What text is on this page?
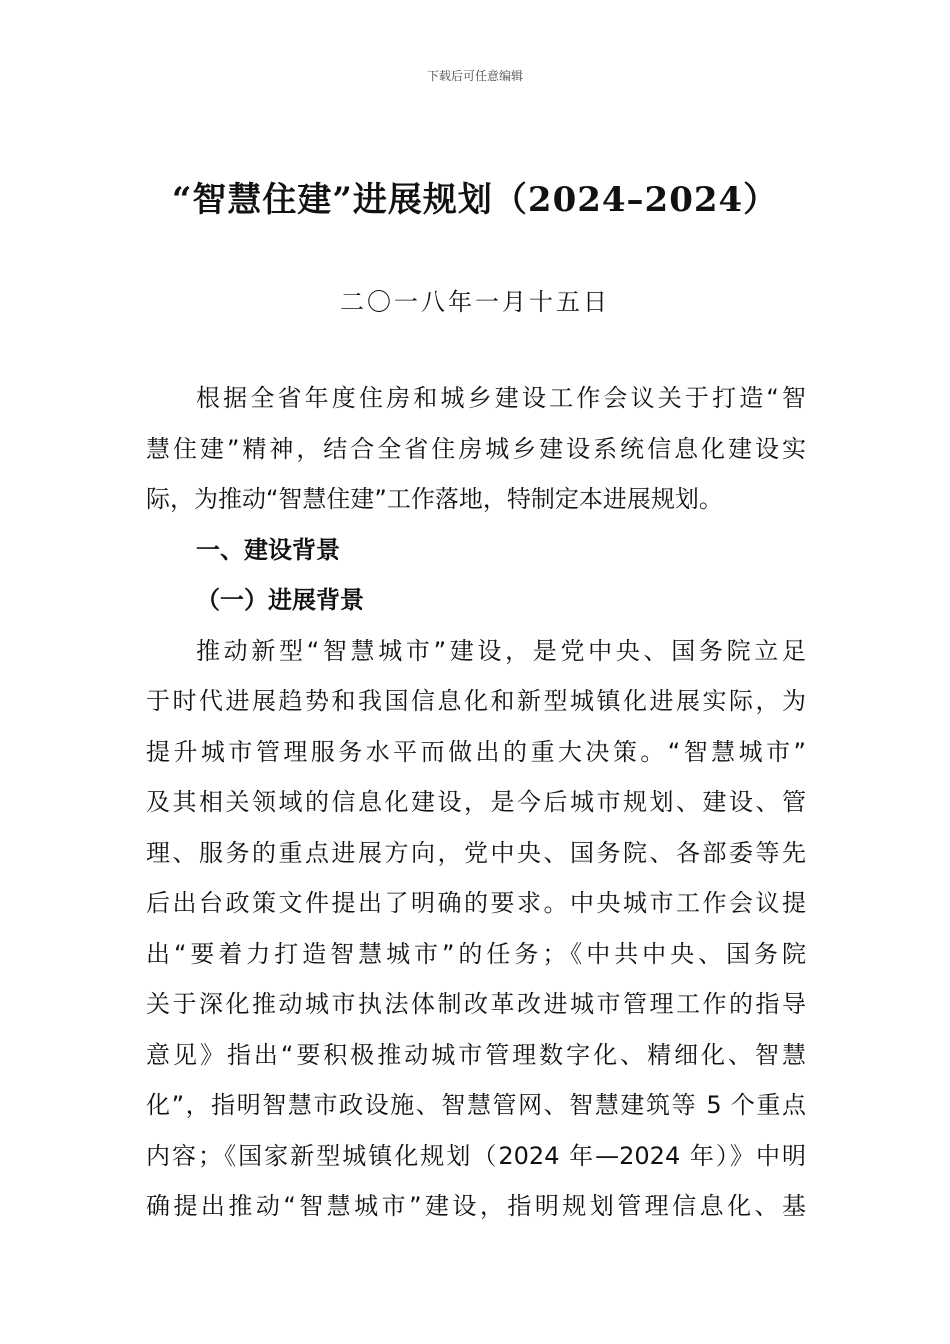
下载后可任意编辑
“智慧住建”进展规划（2024–2024）
二〇一八年一月十五日
根据全省年度住房和城乡建设工作会议关于打造“智
慧住建”精神，结合全省住房城乡建设系统信息化建设实
际，为推动“智慧住建”工作落地，特制定本进展规划。
一、建设背景
（一）进展背景
推动新型“智慧城市”建设，是党中央、国务院立足
于时代进展趋势和我国信息化和新型城镇化进展实际，为
提升城市管理服务水平而做出的重大决策。“智慧城市”
及其相关领域的信息化建设，是今后城市规划、建设、管
理、服务的重点进展方向，党中央、国务院、各部委等先
后出台政策文件提出了明确的要求。中央城市工作会议提
出“要着力打造智慧城市”的任务；《中共中央、国务院
关于深化推动城市执法体制改革改进城市管理工作的指导
意见》指出“要积极推动城市管理数字化、精细化、智慧
化”，指明智慧市政设施、智慧管网、智慧建筑等 5 个重点
内容；《国家新型城镇化规划（2024 年—2024 年）》中明
确提出推动“智慧城市”建设，指明规划管理信息化、基
